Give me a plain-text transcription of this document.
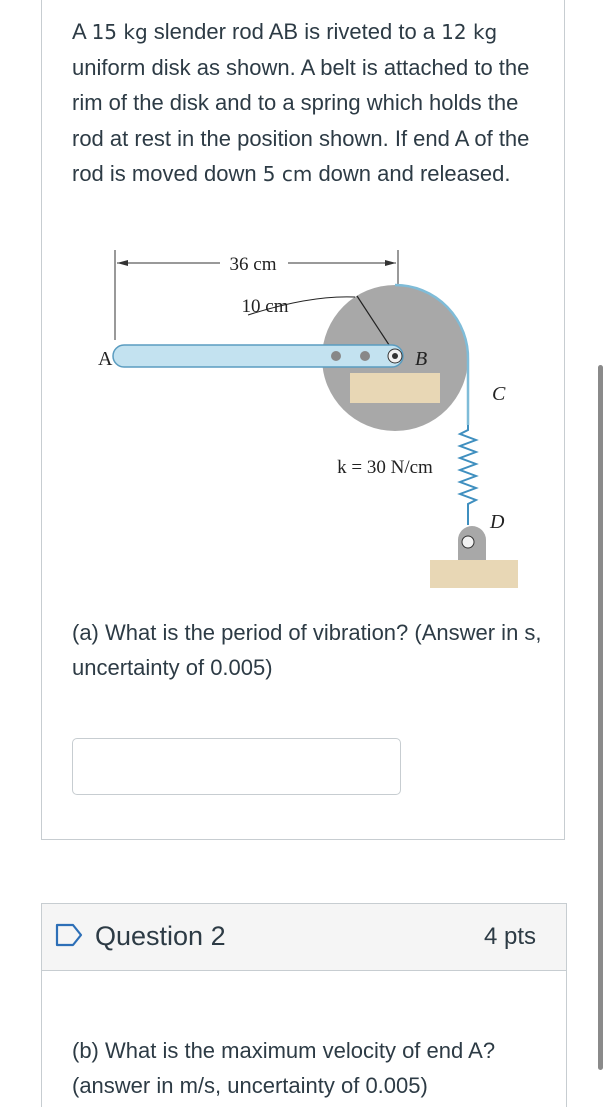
A 15 kg slender rod AB is riveted to a 12 kg uniform disk as shown. A belt is attached to the rim of the disk and to a spring which holds the rod at rest in the position shown. If end A of the rod is moved down 5 cm down and released.
36 cm
10 cm
A	B
C
k = 30 N/cm
D
(a) What is the period of vibration? (Answer in s, uncertainty of 0.005)
Question 2	4 pts
(b) What is the maximum velocity of end A? (answer in m/s, uncertainty of 0.005)
